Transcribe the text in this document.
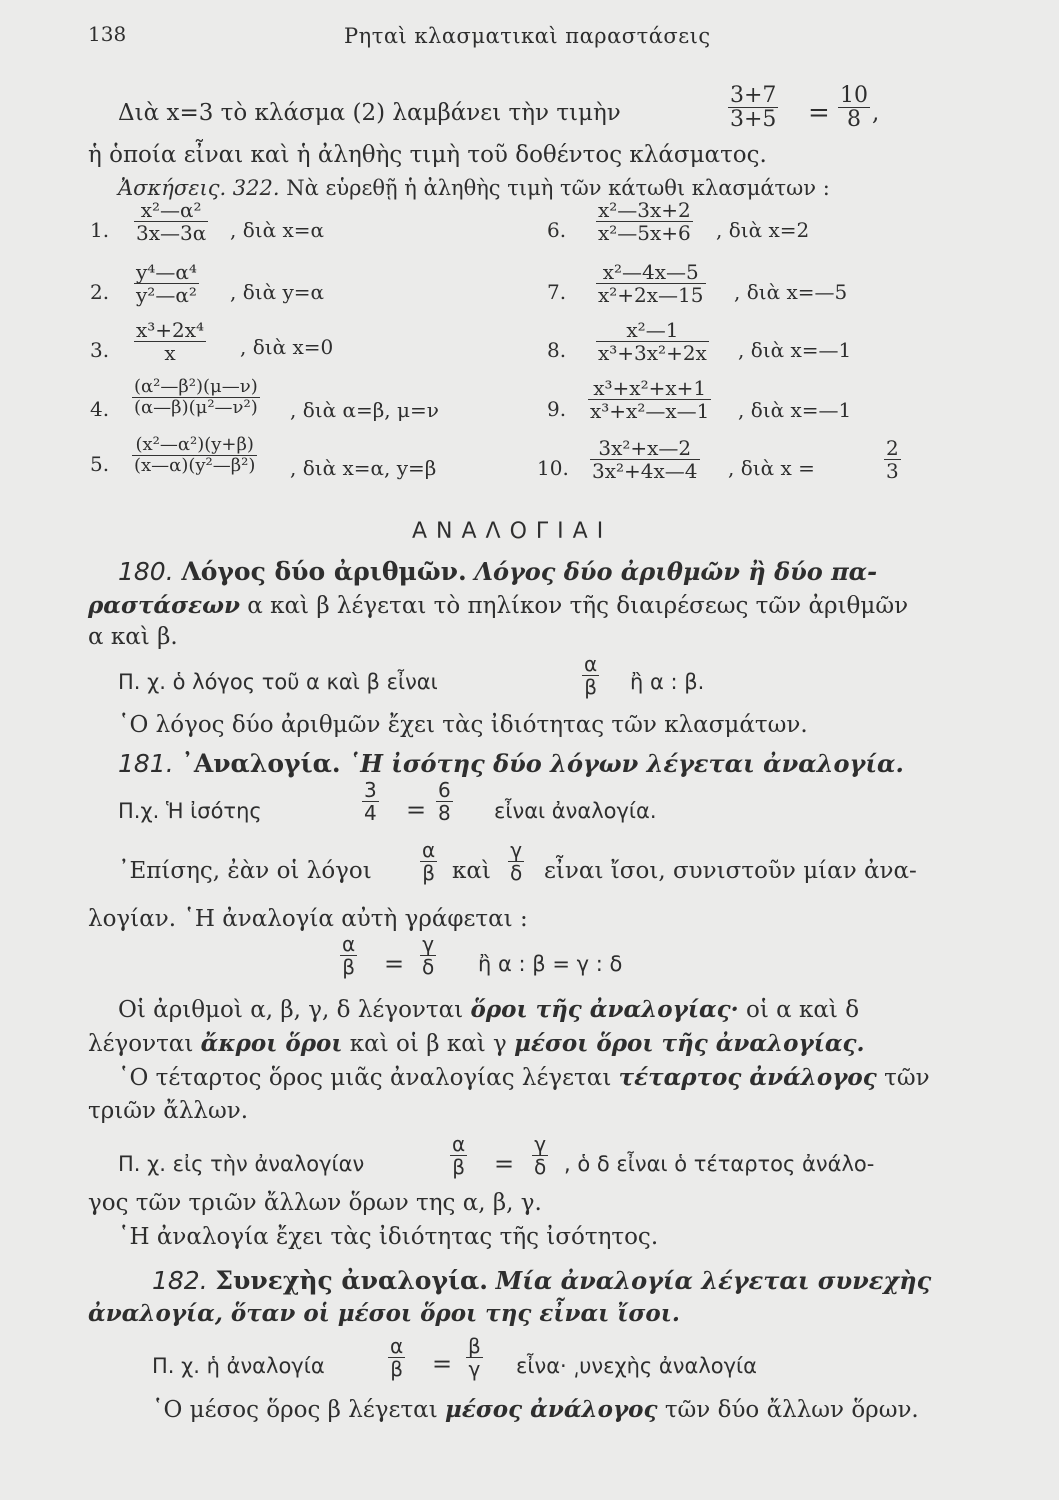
138	Ρηταὶ κλασματικαὶ παραστάσεις
Διὰ x=3 τὸ κλάσμα (2) λαμβάνει τὴν τιμὴν	$\frac{3+7}{3+5} = \frac{10}{8}$ ,
ἡ ὁποία εἶναι καὶ ἡ ἀληθὴς τιμὴ τοῦ δοθέντος κλάσματος.
Ἀσκήσεις. 322. Νὰ εὑρεθῇ ἡ ἀληθὴς τιμὴ τῶν κάτωθι κλασμάτων :
1. $\frac{\text{x²—α²}}{3x—3\alpha}$ , διὰ x=α
2. $\frac{\text{y⁴—α⁴}}{\text{y²—α²}}$ , διὰ y=α
3. $\frac{\text{x³+2x⁴}}{x}$ , διὰ x=0
4. $\frac{\text{(α²—β²)(μ—ν)}}{\text{(α—β)(μ²—ν²)}}$ , διὰ α=β, μ=ν
5. $\frac{\text{(x²—α²)(y+β)}}{\text{(x—α)(y²—β²)}}$ , διὰ x=α, y=β
6. $\frac{\text{x²—3x+2}}{\text{x²—5x+6}}$ , διὰ x=2
7. $\frac{\text{x²—4x—5}}{\text{x²+2x—15}}$ , διὰ x=—5
8. $\frac{\text{x²—1}}{\text{x³+3x²+2x}}$ , διὰ x=—1
9. $\frac{\text{x³+x²+x+1}}{\text{x³+x²—x—1}}$ , διὰ x=—1
10. $\frac{\text{3x²+x—2}}{\text{3x²+4x—4}}$ , διὰ x =	$\frac{2}{3}$
ΑΝΑΛΟΓΙΑΙ
180. Λόγος δύο ἀριθμῶν. Λόγος δύο ἀριθμῶν ἢ δύο πα-
ραστάσεων α καὶ β λέγεται τὸ πηλίκον τῆς διαιρέσεως τῶν ἀριθμῶν
α καὶ β.
Π. χ. ὁ λόγος τοῦ α καὶ β εἶναι	$\frac{\alpha}{\beta}$ ἢ α : β.
῾Ο λόγος δύο ἀριθμῶν ἔχει τὰς ἰδιότητας τῶν κλασμάτων.
181. ᾿Αναλογία. ῾Η ἰσότης δύο λόγων λέγεται ἀναλογία.
Π.χ. Ἡ ἰσότης	$\frac{3}{4} = \frac{6}{8}$ εἶναι ἀναλογία.
᾿Επίσης, ἐὰν οἱ λόγοι $\frac{\alpha}{\beta}$ καὶ $\frac{\gamma}{\delta}$ εἶναι ἴσοι, συνιστοῦν μίαν ἀνα-
λογίαν. ῾Η ἀναλογία αὐτὴ γράφεται :
$\frac{\alpha}{\beta} = \frac{\gamma}{\delta}$ ἢ α : β = γ : δ
Οἱ ἀριθμοὶ α, β, γ, δ λέγονται ὅροι τῆς ἀναλογίας· οἱ α καὶ δ
λέγονται ἄκροι ὅροι καὶ οἱ β καὶ γ μέσοι ὅροι τῆς ἀναλογίας.
῾Ο τέταρτος ὅρος μιᾶς ἀναλογίας λέγεται τέταρτος ἀνάλογος τῶν
τριῶν ἄλλων.
Π. χ. εἰς τὴν ἀναλογίαν	$\frac{\alpha}{\beta} = \frac{\gamma}{\delta}$ , ὁ δ εἶναι ὁ τέταρτος ἀνάλο-
γος τῶν τριῶν ἄλλων ὅρων της α, β, γ.
῾Η ἀναλογία ἔχει τὰς ἰδιότητας τῆς ἰσότητος.
182. Συνεχὴς ἀναλογία. Μία ἀναλογία λέγεται συνεχὴς
ἀναλογία, ὅταν οἱ μέσοι ὅροι της εἶναι ἴσοι.
Π. χ. ἡ ἀναλογία	$\frac{\alpha}{\beta} = \frac{\beta}{\gamma}$ εἶνα· ͵υνεχὴς ἀναλογία
῾Ο μέσος ὅρος β λέγεται μέσος ἀνάλογος τῶν δύο ἄλλων ὅρων.
